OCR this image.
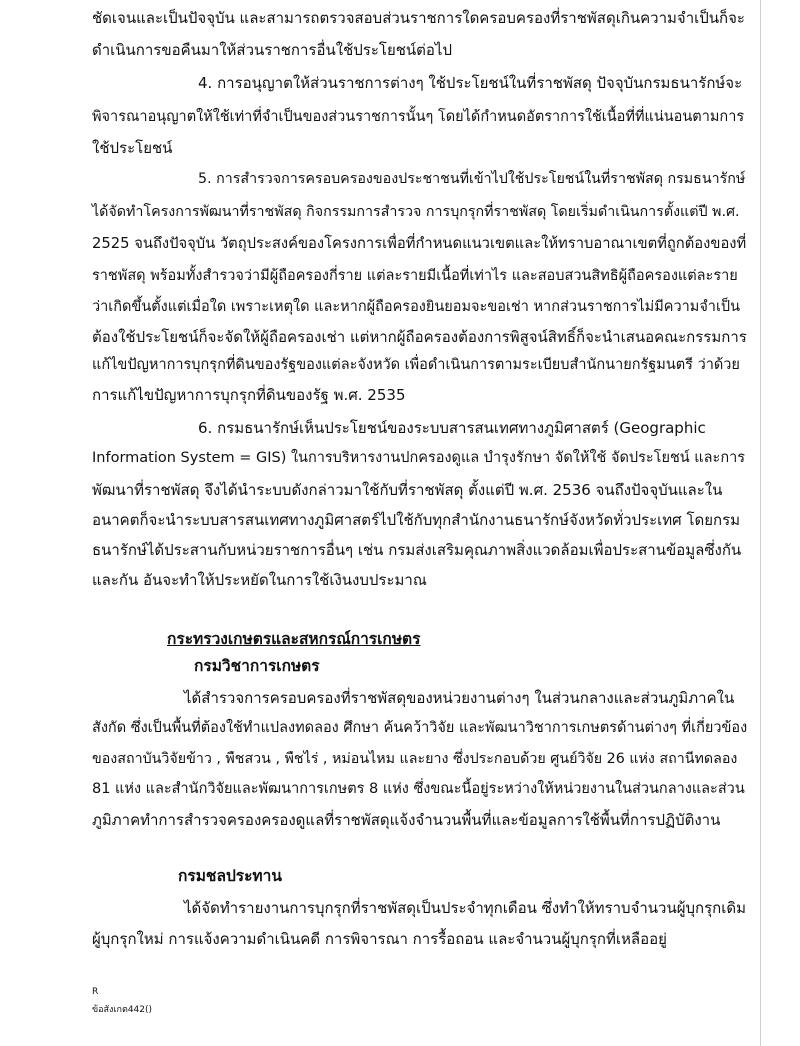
ชัดเจนและเป็นปัจจุบัน และสามารถตรวจสอบส่วนราชการใดครอบครองที่ราชพัสดุเกินความจำเป็นก็จะ
ดำเนินการขอคืนมาให้ส่วนราชการอื่นใช้ประโยชน์ต่อไป
4. การอนุญาตให้ส่วนราชการต่างๆ ใช้ประโยชน์ในที่ราชพัสดุ ปัจจุบันกรมธนารักษ์จะ
พิจารณาอนุญาตให้ใช้เท่าที่จำเป็นของส่วนราชการนั้นๆ โดยได้กำหนดอัตราการใช้เนื้อที่ที่แน่นอนตามการ
ใช้ประโยชน์
5. การสำรวจการครอบครองของประชาชนที่เข้าไปใช้ประโยชน์ในที่ราชพัสดุ กรมธนารักษ์
ได้จัดทำโครงการพัฒนาที่ราชพัสดุ กิจกรรมการสำรวจ การบุกรุกที่ราชพัสดุ โดยเริ่มดำเนินการตั้งแต่ปี พ.ศ.
2525 จนถึงปัจจุบัน วัตถุประสงค์ของโครงการเพื่อที่กำหนดแนวเขตและให้ทราบอาณาเขตที่ถูกต้องของที่
ราชพัสดุ พร้อมทั้งสำรวจว่ามีผู้ถือครองกี่ราย แต่ละรายมีเนื้อที่เท่าไร และสอบสวนสิทธิผู้ถือครองแต่ละราย
ว่าเกิดขึ้นตั้งแต่เมื่อใด เพราะเหตุใด และหากผู้ถือครองยินยอมจะขอเช่า หากส่วนราชการไม่มีความจำเป็น
ต้องใช้ประโยชน์ก็จะจัดให้ผู้ถือครองเช่า แต่หากผู้ถือครองต้องการพิสูจน์สิทธิ์ก็จะนำเสนอคณะกรรมการ
แก้ไขปัญหาการบุกรุกที่ดินของรัฐของแต่ละจังหวัด เพื่อดำเนินการตามระเบียบสำนักนายกรัฐมนตรี ว่าด้วย
การแก้ไขปัญหาการบุกรุกที่ดินของรัฐ พ.ศ. 2535
6. กรมธนารักษ์เห็นประโยชน์ของระบบสารสนเทศทางภูมิศาสตร์ (Geographic
Information System = GIS) ในการบริหารงานปกครองดูแล บำรุงรักษา จัดให้ใช้ จัดประโยชน์ และการ
พัฒนาที่ราชพัสดุ จึงได้นำระบบดังกล่าวมาใช้กับที่ราชพัสดุ ตั้งแต่ปี พ.ศ. 2536 จนถึงปัจจุบันและใน
อนาคตก็จะนำระบบสารสนเทศทางภูมิศาสตร์ไปใช้กับทุกสำนักงานธนารักษ์จังหวัดทั่วประเทศ โดยกรม
ธนารักษ์ได้ประสานกับหน่วยราชการอื่นๆ เช่น กรมส่งเสริมคุณภาพสิ่งแวดล้อมเพื่อประสานข้อมูลซึ่งกัน
และกัน อันจะทำให้ประหยัดในการใช้เงินงบประมาณ
กระทรวงเกษตรและสหกรณ์การเกษตร
กรมวิชาการเกษตร
ได้สำรวจการครอบครองที่ราชพัสดุของหน่วยงานต่างๆ ในส่วนกลางและส่วนภูมิภาคใน
สังกัด ซึ่งเป็นพื้นที่ต้องใช้ทำแปลงทดลอง ศึกษา ค้นคว้าวิจัย และพัฒนาวิชาการเกษตรด้านต่างๆ ที่เกี่ยวข้อง
ของสถาบันวิจัยข้าว , พืชสวน , พืชไร่ , หม่อนไหม และยาง ซึ่งประกอบด้วย ศูนย์วิจัย 26 แห่ง สถานีทดลอง
81 แห่ง และสำนักวิจัยและพัฒนาการเกษตร 8 แห่ง ซึ่งขณะนี้อยู่ระหว่างให้หน่วยงานในส่วนกลางและส่วน
ภูมิภาคทำการสำรวจครองครองดูแลที่ราชพัสดุแจ้งจำนวนพื้นที่และข้อมูลการใช้พื้นที่การปฏิบัติงาน
กรมชลประทาน
ได้จัดทำรายงานการบุกรุกที่ราชพัสดุเป็นประจำทุกเดือน ซึ่งทำให้ทราบจำนวนผู้บุกรุกเดิม
ผู้บุกรุกใหม่ การแจ้งความดำเนินคดี การพิจารณา การรื้อถอน และจำนวนผู้บุกรุกที่เหลืออยู่
R
ข้อสังเกต442()
